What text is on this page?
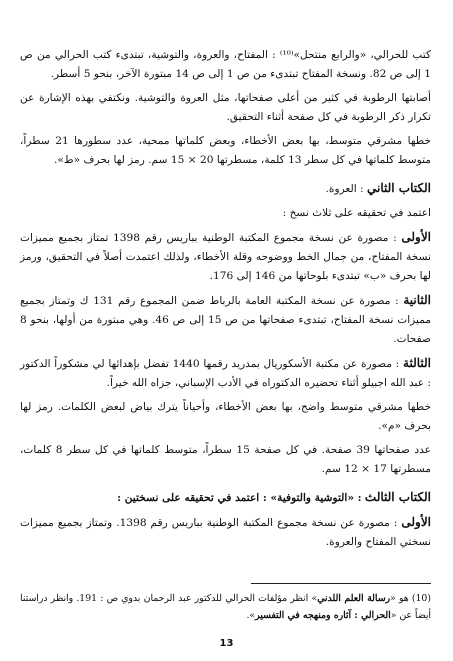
كتب للحرالي، «والرابع منتحل»⁽¹⁰⁾ : المفتاح، والعروة، والتوشية، تبتدىء كتب الحرالي من ص 1 إلى ص 82. ونسخة المفتاح تبتدىء من ص 1 إلى ص 14 مبتورة الآخر، بنحو 5 أسطر.

أصابتها الرطوبة في كثير من أعلى صفحاتها، مثل العروة والتوشية. ونكتفي بهذه الإشارة عن تكرار ذكر الرطوبة في كل صفحة أثناء التحقيق.

خطها مشرقي متوسط، بها بعض الأخطاء، وبعض كلماتها ممحية، عدد سطورها 21 سطراً، متوسط كلماتها في كل سطر 13 كلمة، مسطرتها 20 × 15 سم. رمز لها بحرف «ط».

الكتاب الثاني : العروة.

اعتمد في تحقيقه على ثلاث نسخ :

الأولى : مصورة عن نسخة مجموع المكتبة الوطنية بباريس رقم 1398 تمتاز بجميع مميزات نسخة المفتاح، من جمال الخط ووضوحه وقلة الأخطاء، ولذلك اعتمدت أصلاً في التحقيق، ورمز لها بحرف «ب» تبتدىء بلوحاتها من 146 إلى 176.

الثانية : مصورة عن نسخة المكتبة العامة بالرباط ضمن المجموع رقم 131 ك وتمتاز بجميع مميزات نسخة المفتاح، تبتدىء صفحاتها من ص 15 إلى ص 46. وهي مبتورة من أولها، بنحو 8 صفحات.

الثالثة : مصورة عن مكتبة الأسكوريال بمدريد رقمها 1440 تفضل بإهدائها لي مشكوراً الدكتور : عبد الله اجبيلو أثناء تحضيره الدكتوراه في الأدب الإسباني، جزاه الله خيراً.

خطها مشرقي متوسط واضح، بها بعض الأخطاء، وأحياناً يترك بياض لبعض الكلمات. رمز لها بحرف «م».

عدد صفحاتها 39 صفحة. في كل صفحة 15 سطراً، متوسط كلماتها في كل سطر 8 كلمات، مسطرتها 17 × 12 سم.

الكتاب الثالث : «التوشية والتوفية» : اعتمد في تحقيقه على نسختين :

الأولى : مصورة عن نسخة مجموع المكتبة الوطنية بباريس رقم 1398. وتمتاز بجميع مميزات نسختي المفتاح والعروة.

(10) هو «رسالة العلم اللدني» انظر مؤلفات الحرالي للدكتور عبد الرحمان بدوي ص : 191. وانظر دراستنا أيضاً عن «الحرالي : آثاره ومنهجه في التفسير».

13
